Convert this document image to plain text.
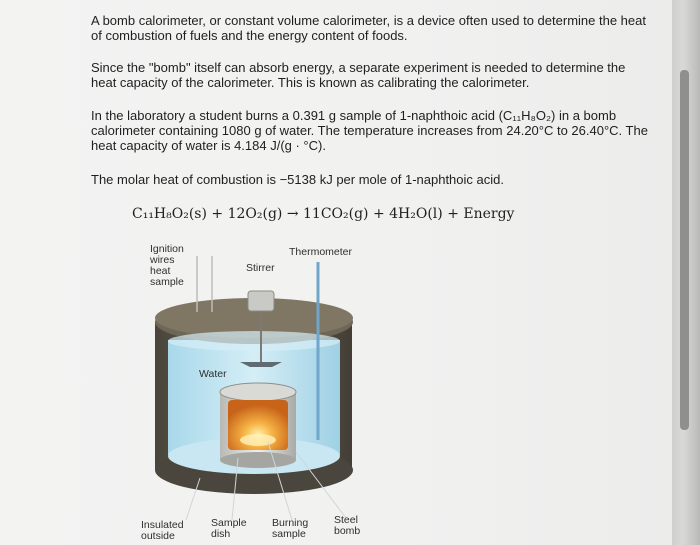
A bomb calorimeter, or constant volume calorimeter, is a device often used to determine the heat
of combustion of fuels and the energy content of foods.

Since the "bomb" itself can absorb energy, a separate experiment is needed to determine the
heat capacity of the calorimeter. This is known as calibrating the calorimeter.

In the laboratory a student burns a 0.391 g sample of 1-naphthoic acid (C₁₁H₈O₂) in a bomb
calorimeter containing 1080 g of water. The temperature increases from 24.20°C to 26.40°C. The
heat capacity of water is 4.184 J/(g · °C).

The molar heat of combustion is −5138 kJ per mole of 1-naphthoic acid.

C₁₁H₈O₂(s) + 12O₂(g) → 11CO₂(g) + 4H₂O(l) + Energy

Ignition
wires
heat
sample

Stirrer

Thermometer

Water

Insulated
outside

Sample
dish

Burning
sample

Steel
bomb
